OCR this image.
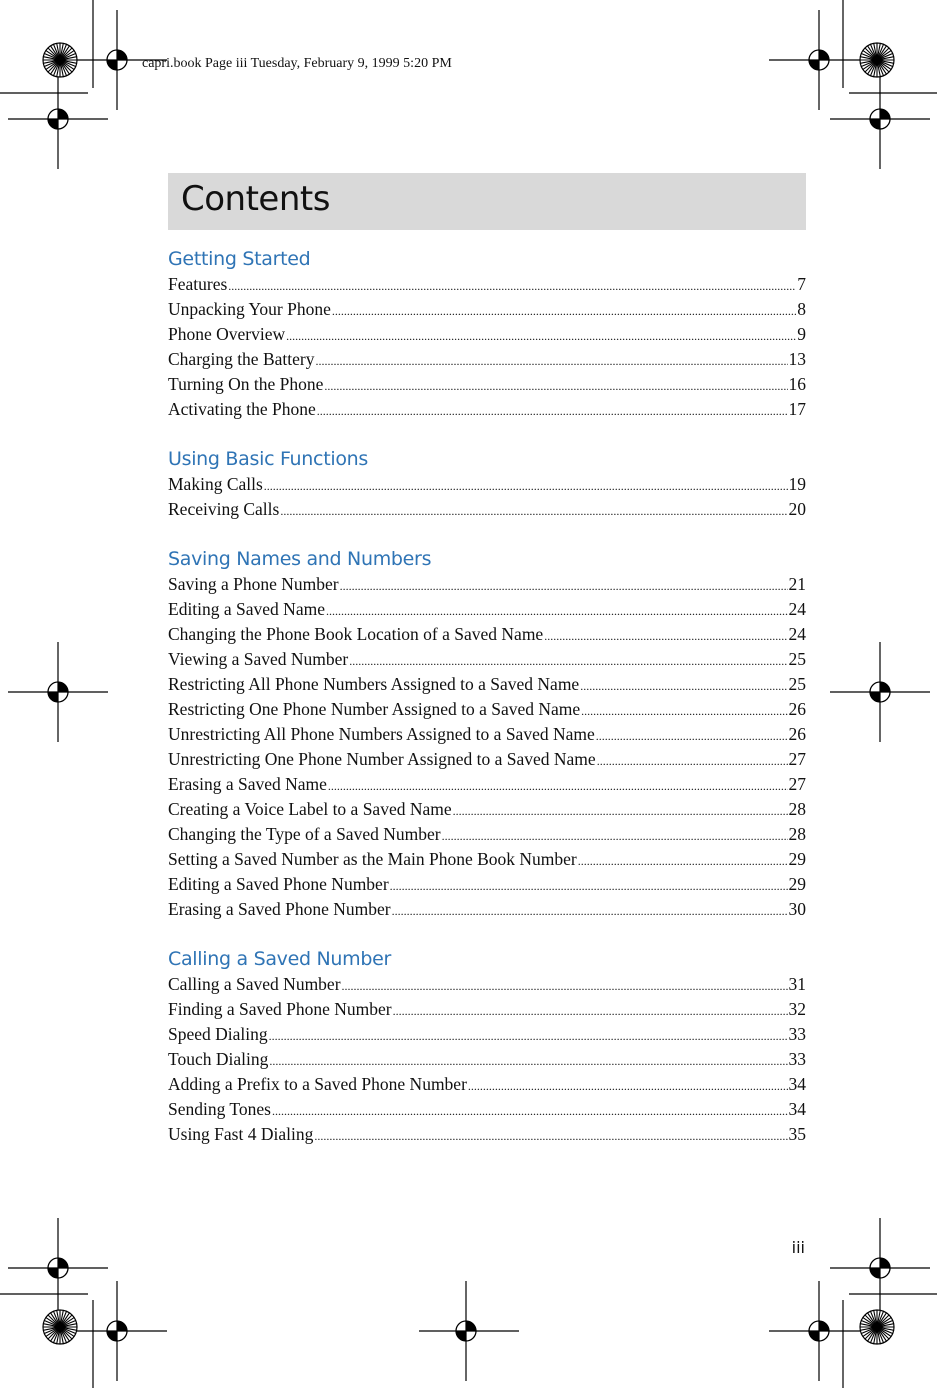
capri.book Page iii Tuesday, February 9, 1999 5:20 PM
Contents
Getting Started
Features .....	7
Unpacking Your Phone .....	8
Phone Overview .....	9
Charging the Battery .....	13
Turning On the Phone .....	16
Activating the Phone .....	17
Using Basic Functions
Making Calls .....	19
Receiving Calls .....	20
Saving Names and Numbers
Saving a Phone Number .....	21
Editing a Saved Name .....	24
Changing the Phone Book Location of a Saved Name .....	24
Viewing a Saved Number .....	25
Restricting All Phone Numbers Assigned to a Saved Name .....	25
Restricting One Phone Number Assigned to a Saved Name .....	26
Unrestricting All Phone Numbers Assigned to a Saved Name .....	26
Unrestricting One Phone Number Assigned to a Saved Name .....	27
Erasing a Saved Name .....	27
Creating a Voice Label to a Saved Name .....	28
Changing the Type of a Saved Number .....	28
Setting a Saved Number as the Main Phone Book Number .....	29
Editing a Saved Phone Number .....	29
Erasing a Saved Phone Number .....	30
Calling a Saved Number
Calling a Saved Number .....	31
Finding a Saved Phone Number .....	32
Speed Dialing .....	33
Touch Dialing .....	33
Adding a Prefix to a Saved Phone Number .....	34
Sending Tones .....	34
Using Fast 4 Dialing .....	35
iii
